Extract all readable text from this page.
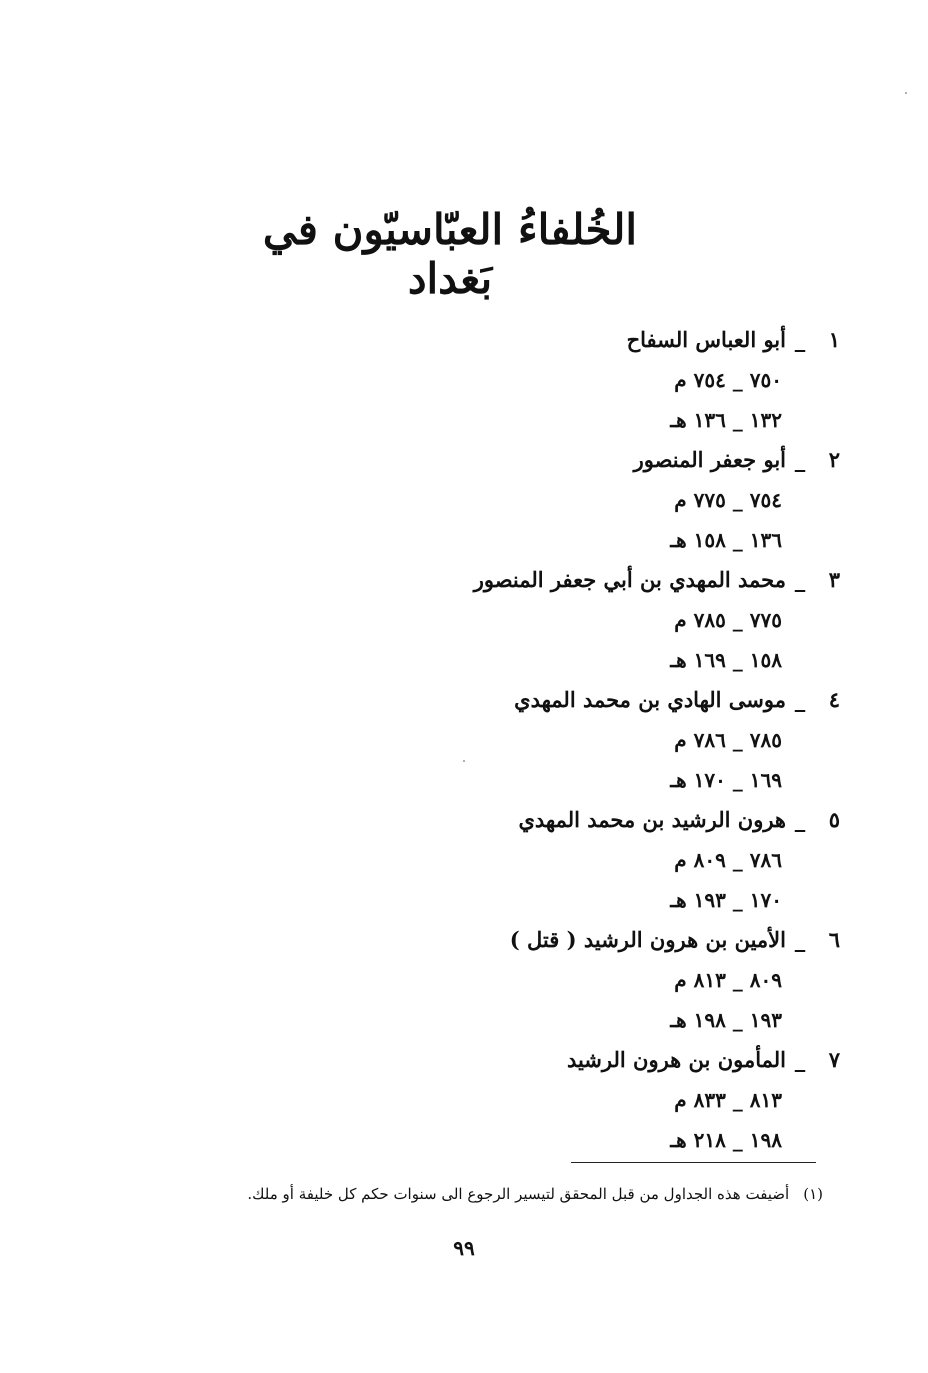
الخُلفاءُ العبّاسيّون في بَغداد
١_أبو العباس السفاح
٧٥٠ _ ٧٥٤ م
١٣٢ _ ١٣٦ هـ
٢_أبو جعفر المنصور
٧٥٤ _ ٧٧٥ م
١٣٦ _ ١٥٨ هـ
٣_محمد المهدي بن أبي جعفر المنصور
٧٧٥ _ ٧٨٥ م
١٥٨ _ ١٦٩ هـ
٤_موسى الهادي بن محمد المهدي
٧٨٥ _ ٧٨٦ م
١٦٩ _ ١٧٠ هـ
٥_هرون الرشيد بن محمد المهدي
٧٨٦ _ ٨٠٩ م
١٧٠ _ ١٩٣ هـ
٦_الأمين بن هرون الرشيد ( قتل )
٨٠٩ _ ٨١٣ م
١٩٣ _ ١٩٨ هـ
٧_المأمون بن هرون الرشيد
٨١٣ _ ٨٣٣ م
١٩٨ _ ٢١٨ هـ
(١)أضيفت هذه الجداول من قبل المحقق لتيسير الرجوع الى سنوات حكم كل خليفة أو ملك.
٩٩
